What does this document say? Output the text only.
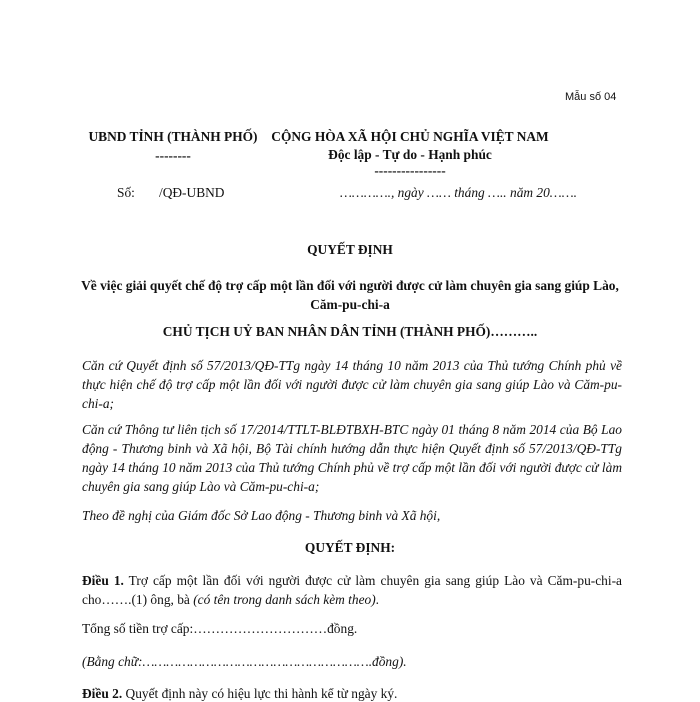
Mẫu số 04
UBND TỈNH (THÀNH PHỐ)
--------
CỘNG HÒA XÃ HỘI CHỦ NGHĨA VIỆT NAM
Độc lập - Tự do - Hạnh phúc
----------------
Số: /QĐ-UBND	…………., ngày …… tháng ….. năm 20…….
QUYẾT ĐỊNH
Về việc giải quyết chế độ trợ cấp một lần đối với người được cử làm chuyên gia sang giúp Lào, Căm-pu-chi-a
CHỦ TỊCH UỶ BAN NHÂN DÂN TỈNH (THÀNH PHỐ)………..
Căn cứ Quyết định số 57/2013/QĐ-TTg ngày 14 tháng 10 năm 2013 của Thủ tướng Chính phủ về thực hiện chế độ trợ cấp một lần đối với người được cử làm chuyên gia sang giúp Lào và Căm-pu-chi-a;
Căn cứ Thông tư liên tịch số 17/2014/TTLT-BLĐTBXH-BTC ngày 01 tháng 8 năm 2014 của Bộ Lao động - Thương binh và Xã hội, Bộ Tài chính hướng dẫn thực hiện Quyết định số 57/2013/QĐ-TTg ngày 14 tháng 10 năm 2013 của Thủ tướng Chính phủ về trợ cấp một lần đối với người được cử làm chuyên gia sang giúp Lào và Căm-pu-chi-a;
Theo đề nghị của Giám đốc Sở Lao động - Thương binh và Xã hội,
QUYẾT ĐỊNH:
Điều 1. Trợ cấp một lần đối với người được cử làm chuyên gia sang giúp Lào và Căm-pu-chi-a cho…….(1) ông, bà (có tên trong danh sách kèm theo).
Tổng số tiền trợ cấp:…………………………đồng.
(Bằng chữ:………………………………………………….đồng).
Điều 2. Quyết định này có hiệu lực thi hành kể từ ngày ký.
